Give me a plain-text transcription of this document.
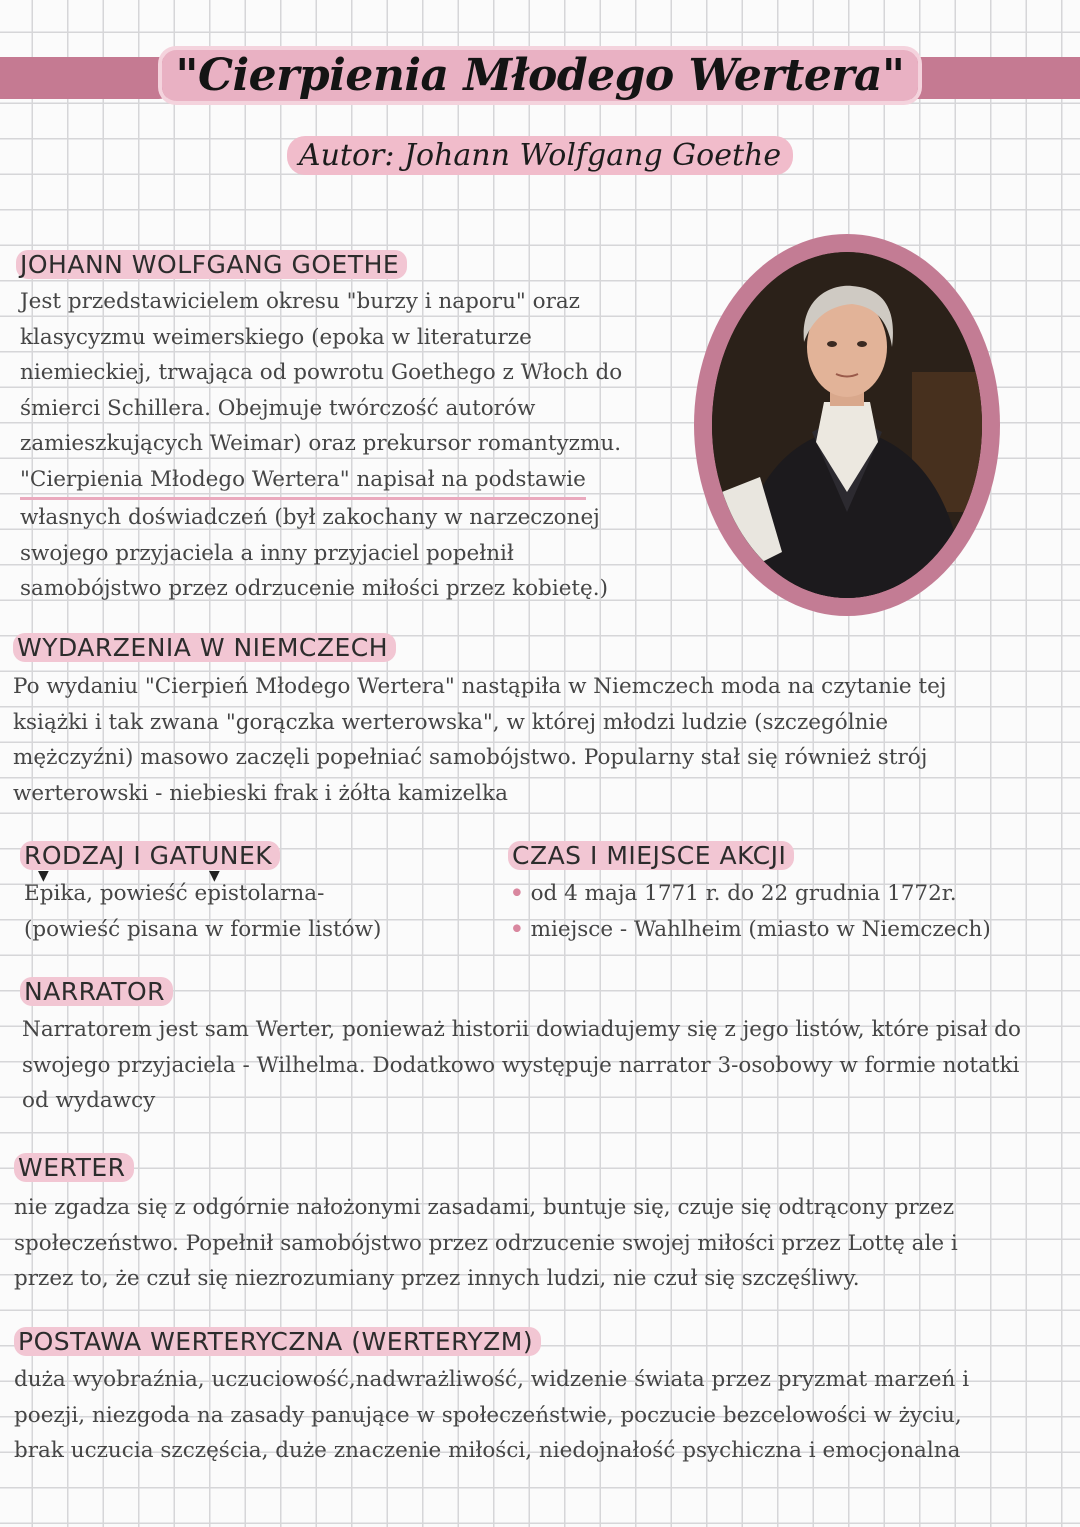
"Cierpienia Młodego Wertera"
Autor: Johann Wolfgang Goethe
JOHANN WOLFGANG GOETHE

Jest przedstawicielem okresu "burzy i naporu" oraz

klasycyzmu weimerskiego (epoka w literaturze

niemieckiej, trwająca od powrotu Goethego z Włoch do

śmierci Schillera. Obejmuje twórczość autorów

zamieszkujących Weimar) oraz prekursor romantyzmu.

"Cierpienia Młodego Wertera" napisał na podstawie

własnych doświadczeń (był zakochany w narzeczonej

swojego przyjaciela a inny przyjaciel popełnił

samobójstwo przez odrzucenie miłości przez kobietę.)

WYDARZENIA W NIEMCZECH

Po wydaniu "Cierpień Młodego Wertera" nastąpiła w Niemczech moda na czytanie tej

książki i tak zwana "gorączka werterowska", w której młodzi ludzie (szczególnie

mężczyźni) masowo zaczęli popełniać samobójstwo. Popularny stał się również strój

werterowski - niebieski frak i żółta kamizelka

RODZAJ I GATUNEK

Epika, powieść epistolarna-

(powieść pisana w formie listów)

▼	▼
CZAS I MIEJSCE AKCJI

• od 4 maja 1771 r. do 22 grudnia 1772r.

• miejsce - Wahlheim (miasto w Niemczech)

NARRATOR

Narratorem jest sam Werter, ponieważ historii dowiadujemy się z jego listów, które pisał do

swojego przyjaciela - Wilhelma. Dodatkowo występuje narrator 3-osobowy w formie notatki

od wydawcy

WERTER

nie zgadza się z odgórnie nałożonymi zasadami, buntuje się, czuje się odtrącony przez

społeczeństwo. Popełnił samobójstwo przez odrzucenie swojej miłości przez Lottę ale i

przez to, że czuł się niezrozumiany przez innych ludzi, nie czuł się szczęśliwy.

POSTAWA WERTERYCZNA (WERTERYZM)

duża wyobraźnia, uczuciowość,nadwrażliwość, widzenie świata przez pryzmat marzeń i

poezji, niezgoda na zasady panujące w społeczeństwie, poczucie bezcelowości w życiu,

brak uczucia szczęścia, duże znaczenie miłości, niedojnałość psychiczna i emocjonalna
